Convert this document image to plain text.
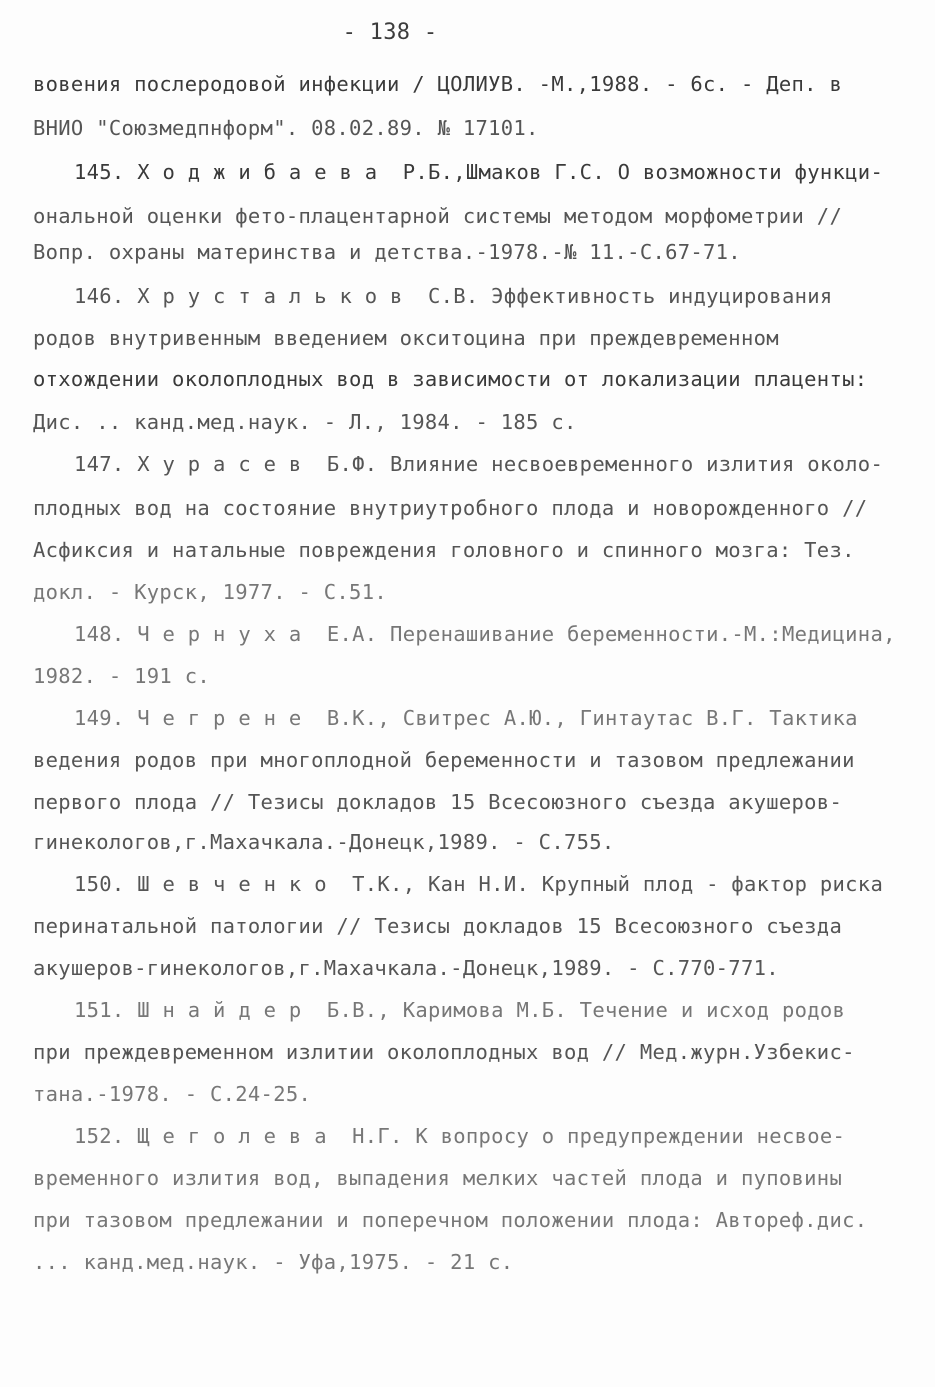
- 138 -
вовения послеродовой инфекции / ЦОЛИУВ. -М.,1988. - 6с. - Деп. в
ВНИО "Союзмедпнформ". 08.02.89. № 17101.
145. Х о д ж и б а е в а  Р.Б.,Шмаков Г.С. О возможности функци-
ональной оценки фето-плацентарной системы методом морфометрии //
Вопр. охраны материнства и детства.-1978.-№ 11.-С.67-71.
146. Х р у с т а л ь к о в  С.В. Эффективность индуцирования
родов внутривенным введением окситоцина при преждевременном
отхождении околоплодных вод в зависимости от локализации плаценты:
Дис. .. канд.мед.наук. - Л., 1984. - 185 с.
147. Х у р а с е в  Б.Ф. Влияние несвоевременного излития около-
плодных вод на состояние внутриутробного плода и новорожденного //
Асфиксия и натальные повреждения головного и спинного мозга: Тез.
докл. - Курск, 1977. - С.51.
148. Ч е р н у х а  Е.А. Перенашивание беременности.-М.:Медицина,
1982. - 191 с.
149. Ч е г р е н е  В.К., Свитрес А.Ю., Гинтаутас В.Г. Тактика
ведения родов при многоплодной беременности и тазовом предлежании
первого плода // Тезисы докладов 15 Всесоюзного съезда акушеров-
гинекологов,г.Махачкала.-Донецк,1989. - С.755.
150. Ш е в ч е н к о  Т.К., Кан Н.И. Крупный плод - фактор риска
перинатальной патологии // Тезисы докладов 15 Всесоюзного съезда
акушеров-гинекологов,г.Махачкала.-Донецк,1989. - С.770-771.
151. Ш н а й д е р  Б.В., Каримова М.Б. Течение и исход родов
при преждевременном излитии околоплодных вод // Мед.журн.Узбекис-
тана.-1978. - С.24-25.
152. Щ е г о л е в а  Н.Г. К вопросу о предупреждении несвое-
временного излития вод, выпадения мелких частей плода и пуповины
при тазовом предлежании и поперечном положении плода: Автореф.дис.
... канд.мед.наук. - Уфа,1975. - 21 с.
